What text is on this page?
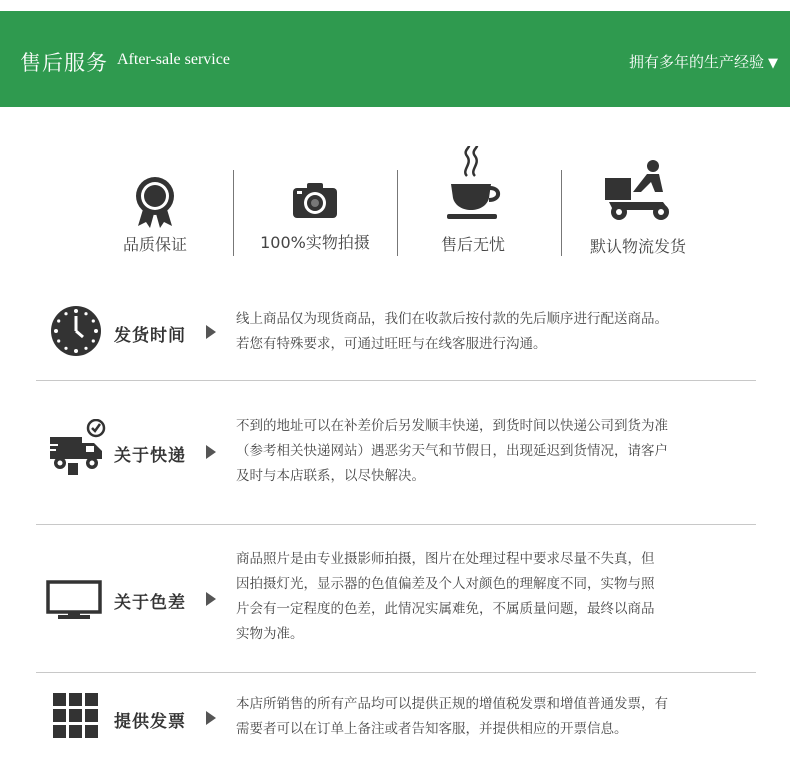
售后服务 After-sale service	拥有多年的生产经验 ▼
品质保证	100%实物拍摄	售后无忧	默认物流发货
发货时间
线上商品仅为现货商品，我们在收款后按付款的先后顺序进行配送商品。
若您有特殊要求，可通过旺旺与在线客服进行沟通。
关于快递
不到的地址可以在补差价后另发顺丰快递，到货时间以快递公司到货为准
（参考相关快递网站）遇恶劣天气和节假日，出现延迟到货情况，请客户
及时与本店联系，以尽快解决。
关于色差
商品照片是由专业摄影师拍摄，图片在处理过程中要求尽量不失真，但
因拍摄灯光，显示器的色值偏差及个人对颜色的理解度不同，实物与照
片会有一定程度的色差，此情况实属难免，不属质量问题，最终以商品
实物为准。
提供发票
本店所销售的所有产品均可以提供正规的增值税发票和增值普通发票，有
需要者可以在订单上备注或者告知客服，并提供相应的开票信息。
